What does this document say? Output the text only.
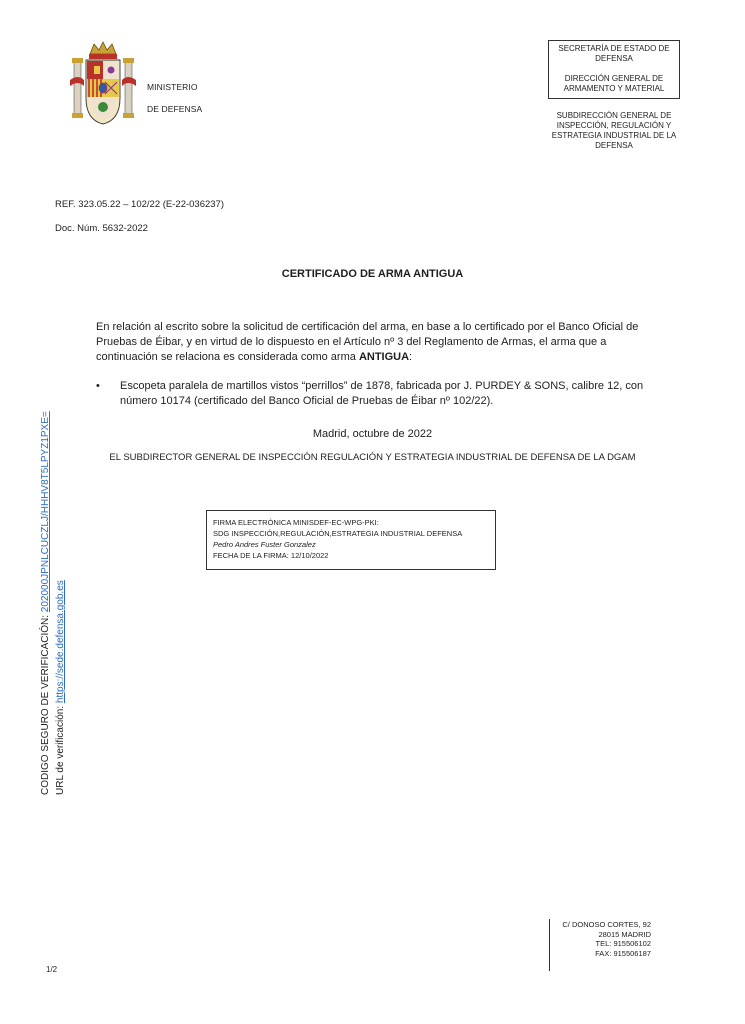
MINISTERIO
DE DEFENSA
SECRETARÍA DE ESTADO DE DEFENSA
DIRECCIÓN GENERAL DE ARMAMENTO Y MATERIAL
SUBDIRECCIÓN GENERAL DE INSPECCIÓN, REGULACIÓN Y ESTRATEGIA INDUSTRIAL DE LA DEFENSA
REF. 323.05.22 – 102/22 (E-22-036237)
Doc. Núm. 5632-2022
CERTIFICADO DE ARMA ANTIGUA
En relación al escrito sobre la solicitud de certificación del arma, en base a lo certificado por el Banco Oficial de Pruebas de Éibar, y en virtud de lo dispuesto en el Artículo nº 3 del Reglamento de Armas, el arma que a continuación se relaciona es considerada como arma ANTIGUA:
• Escopeta paralela de martillos vistos “perrillos” de 1878, fabricada por J. PURDEY & SONS, calibre 12, con número 10174 (certificado del Banco Oficial de Pruebas de Éibar nº 102/22).
Madrid, octubre de 2022
EL SUBDIRECTOR GENERAL DE INSPECCIÓN REGULACIÓN Y ESTRATEGIA INDUSTRIAL DE DEFENSA DE LA DGAM
FIRMA ELECTRÓNICA MINISDEF-EC-WPG-PKI:
SDG INSPECCIÓN,REGULACIÓN,ESTRATEGIA INDUSTRIAL DEFENSA
Pedro Andres Fuster Gonzalez
FECHA DE LA FIRMA: 12/10/2022
CODIGO SEGURO DE VERIFICACIÓN: 202000JPNLCUCZLJ/HHHV8T5LPYZ1PXE=
URL de verificación: https://sede.defensa.gob.es
C/ DONOSO CORTES, 92
28015 MADRID
TEL: 915506102
FAX: 915506187
1/2
